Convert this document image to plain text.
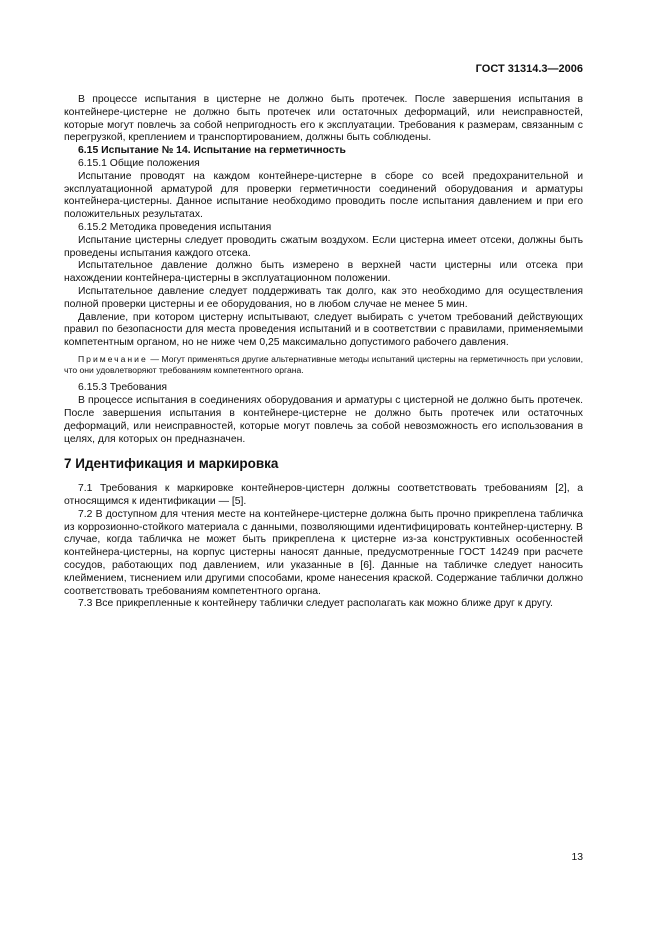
ГОСТ 31314.3—2006

В процессе испытания в цистерне не должно быть протечек. После завершения испытания в контейнере-цистерне не должно быть протечек или остаточных деформаций, или неисправностей, которые могут повлечь за собой непригодность его к эксплуатации. Требования к размерам, связанным с перегрузкой, креплением и транспортированием, должны быть соблюдены.

6.15 Испытание № 14. Испытание на герметичность

6.15.1 Общие положения

Испытание проводят на каждом контейнере-цистерне в сборе со всей предохранительной и эксплуатационной арматурой для проверки герметичности соединений оборудования и арматуры контейнера-цистерны. Данное испытание необходимо проводить после испытания давлением и при его положительных результатах.

6.15.2 Методика проведения испытания

Испытание цистерны следует проводить сжатым воздухом. Если цистерна имеет отсеки, должны быть проведены испытания каждого отсека.

Испытательное давление должно быть измерено в верхней части цистерны или отсека при нахождении контейнера-цистерны в эксплуатационном положении.

Испытательное давление следует поддерживать так долго, как это необходимо для осуществления полной проверки цистерны и ее оборудования, но в любом случае не менее 5 мин.

Давление, при котором цистерну испытывают, следует выбирать с учетом требований действующих правил по безопасности для места проведения испытаний и в соответствии с правилами, применяемыми компетентным органом, но не ниже чем 0,25 максимально допустимого рабочего давления.

Примечание — Могут применяться другие альтернативные методы испытаний цистерны на герметичность при условии, что они удовлетворяют требованиям компетентного органа.

6.15.3 Требования

В процессе испытания в соединениях оборудования и арматуры с цистерной не должно быть протечек. После завершения испытания в контейнере-цистерне не должно быть протечек или остаточных деформаций, или неисправностей, которые могут повлечь за собой невозможность его использования в целях, для которых он предназначен.

7 Идентификация и маркировка

7.1 Требования к маркировке контейнеров-цистерн должны соответствовать требованиям [2], а относящимся к идентификации — [5].

7.2 В доступном для чтения месте на контейнере-цистерне должна быть прочно прикреплена табличка из коррозионно-стойкого материала с данными, позволяющими идентифицировать контейнер-цистерну. В случае, когда табличка не может быть прикреплена к цистерне из-за конструктивных особенностей контейнера-цистерны, на корпус цистерны наносят данные, предусмотренные ГОСТ 14249 при расчете сосудов, работающих под давлением, или указанные в [6]. Данные на табличке следует наносить клеймением, тиснением или другими способами, кроме нанесения краской. Содержание таблички должно соответствовать требованиям компетентного органа.

7.3 Все прикрепленные к контейнеру таблички следует располагать как можно ближе друг к другу.

13
